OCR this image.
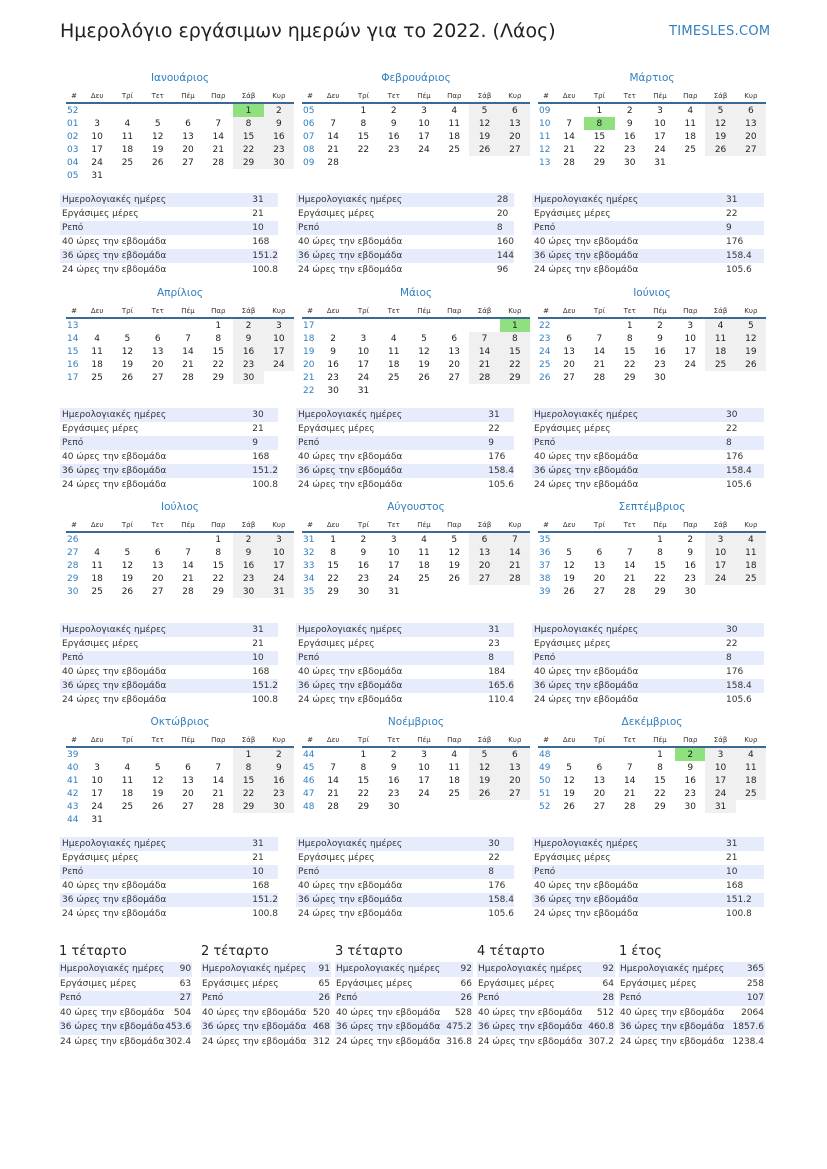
Ημερολόγιο εργάσιμων ημερών για το 2022. (Λάος)	TIMESLES.COM
Ιανουάριος
#	Δευ	Τρί	Τετ	Πέμ	Παρ	Σάβ	Κυρ
52						1	2
01	3	4	5	6	7	8	9
02	10	11	12	13	14	15	16
03	17	18	19	20	21	22	23
04	24	25	26	27	28	29	30
05	31						
Ημερολογιακές ημέρες	31
Εργάσιμες μέρες	21
Ρεπό	10
40 ώρες την εβδομάδα	168
36 ώρες την εβδομάδα	151.2
24 ώρες την εβδομάδα	100.8
Φεβρουάριος
#	Δευ	Τρί	Τετ	Πέμ	Παρ	Σάβ	Κυρ
05		1	2	3	4	5	6
06	7	8	9	10	11	12	13
07	14	15	16	17	18	19	20
08	21	22	23	24	25	26	27
09	28						
Ημερολογιακές ημέρες	28
Εργάσιμες μέρες	20
Ρεπό	8
40 ώρες την εβδομάδα	160
36 ώρες την εβδομάδα	144
24 ώρες την εβδομάδα	96
Μάρτιος
#	Δευ	Τρί	Τετ	Πέμ	Παρ	Σάβ	Κυρ
09		1	2	3	4	5	6
10	7	8	9	10	11	12	13
11	14	15	16	17	18	19	20
12	21	22	23	24	25	26	27
13	28	29	30	31			
Ημερολογιακές ημέρες	31
Εργάσιμες μέρες	22
Ρεπό	9
40 ώρες την εβδομάδα	176
36 ώρες την εβδομάδα	158.4
24 ώρες την εβδομάδα	105.6
Απρίλιος
#	Δευ	Τρί	Τετ	Πέμ	Παρ	Σάβ	Κυρ
13					1	2	3
14	4	5	6	7	8	9	10
15	11	12	13	14	15	16	17
16	18	19	20	21	22	23	24
17	25	26	27	28	29	30	
Ημερολογιακές ημέρες	30
Εργάσιμες μέρες	21
Ρεπό	9
40 ώρες την εβδομάδα	168
36 ώρες την εβδομάδα	151.2
24 ώρες την εβδομάδα	100.8
Μάιος
#	Δευ	Τρί	Τετ	Πέμ	Παρ	Σάβ	Κυρ
17							1
18	2	3	4	5	6	7	8
19	9	10	11	12	13	14	15
20	16	17	18	19	20	21	22
21	23	24	25	26	27	28	29
22	30	31					
Ημερολογιακές ημέρες	31
Εργάσιμες μέρες	22
Ρεπό	9
40 ώρες την εβδομάδα	176
36 ώρες την εβδομάδα	158.4
24 ώρες την εβδομάδα	105.6
Ιούνιος
#	Δευ	Τρί	Τετ	Πέμ	Παρ	Σάβ	Κυρ
22			1	2	3	4	5
23	6	7	8	9	10	11	12
24	13	14	15	16	17	18	19
25	20	21	22	23	24	25	26
26	27	28	29	30			
Ημερολογιακές ημέρες	30
Εργάσιμες μέρες	22
Ρεπό	8
40 ώρες την εβδομάδα	176
36 ώρες την εβδομάδα	158.4
24 ώρες την εβδομάδα	105.6
Ιούλιος
#	Δευ	Τρί	Τετ	Πέμ	Παρ	Σάβ	Κυρ
26					1	2	3
27	4	5	6	7	8	9	10
28	11	12	13	14	15	16	17
29	18	19	20	21	22	23	24
30	25	26	27	28	29	30	31
Ημερολογιακές ημέρες	31
Εργάσιμες μέρες	21
Ρεπό	10
40 ώρες την εβδομάδα	168
36 ώρες την εβδομάδα	151.2
24 ώρες την εβδομάδα	100.8
Αύγουστος
#	Δευ	Τρί	Τετ	Πέμ	Παρ	Σάβ	Κυρ
31	1	2	3	4	5	6	7
32	8	9	10	11	12	13	14
33	15	16	17	18	19	20	21
34	22	23	24	25	26	27	28
35	29	30	31				
Ημερολογιακές ημέρες	31
Εργάσιμες μέρες	23
Ρεπό	8
40 ώρες την εβδομάδα	184
36 ώρες την εβδομάδα	165.6
24 ώρες την εβδομάδα	110.4
Σεπτέμβριος
#	Δευ	Τρί	Τετ	Πέμ	Παρ	Σάβ	Κυρ
35				1	2	3	4
36	5	6	7	8	9	10	11
37	12	13	14	15	16	17	18
38	19	20	21	22	23	24	25
39	26	27	28	29	30		
Ημερολογιακές ημέρες	30
Εργάσιμες μέρες	22
Ρεπό	8
40 ώρες την εβδομάδα	176
36 ώρες την εβδομάδα	158.4
24 ώρες την εβδομάδα	105.6
Οκτώβριος
#	Δευ	Τρί	Τετ	Πέμ	Παρ	Σάβ	Κυρ
39						1	2
40	3	4	5	6	7	8	9
41	10	11	12	13	14	15	16
42	17	18	19	20	21	22	23
43	24	25	26	27	28	29	30
44	31						
Ημερολογιακές ημέρες	31
Εργάσιμες μέρες	21
Ρεπό	10
40 ώρες την εβδομάδα	168
36 ώρες την εβδομάδα	151.2
24 ώρες την εβδομάδα	100.8
Νοέμβριος
#	Δευ	Τρί	Τετ	Πέμ	Παρ	Σάβ	Κυρ
44		1	2	3	4	5	6
45	7	8	9	10	11	12	13
46	14	15	16	17	18	19	20
47	21	22	23	24	25	26	27
48	28	29	30				
Ημερολογιακές ημέρες	30
Εργάσιμες μέρες	22
Ρεπό	8
40 ώρες την εβδομάδα	176
36 ώρες την εβδομάδα	158.4
24 ώρες την εβδομάδα	105.6
Δεκέμβριος
#	Δευ	Τρί	Τετ	Πέμ	Παρ	Σάβ	Κυρ
48				1	2	3	4
49	5	6	7	8	9	10	11
50	12	13	14	15	16	17	18
51	19	20	21	22	23	24	25
52	26	27	28	29	30	31	
Ημερολογιακές ημέρες	31
Εργάσιμες μέρες	21
Ρεπό	10
40 ώρες την εβδομάδα	168
36 ώρες την εβδομάδα	151.2
24 ώρες την εβδομάδα	100.8
1 τέταρτο
Ημερολογιακές ημέρες	90
Εργάσιμες μέρες	63
Ρεπό	27
40 ώρες την εβδομάδα	504
36 ώρες την εβδομάδα	453.6
24 ώρες την εβδομάδα	302.4
2 τέταρτο
Ημερολογιακές ημέρες	91
Εργάσιμες μέρες	65
Ρεπό	26
40 ώρες την εβδομάδα	520
36 ώρες την εβδομάδα	468
24 ώρες την εβδομάδα	312
3 τέταρτο
Ημερολογιακές ημέρες	92
Εργάσιμες μέρες	66
Ρεπό	26
40 ώρες την εβδομάδα	528
36 ώρες την εβδομάδα	475.2
24 ώρες την εβδομάδα	316.8
4 τέταρτο
Ημερολογιακές ημέρες	92
Εργάσιμες μέρες	64
Ρεπό	28
40 ώρες την εβδομάδα	512
36 ώρες την εβδομάδα	460.8
24 ώρες την εβδομάδα	307.2
1 έτος
Ημερολογιακές ημέρες	365
Εργάσιμες μέρες	258
Ρεπό	107
40 ώρες την εβδομάδα	2064
36 ώρες την εβδομάδα	1857.6
24 ώρες την εβδομάδα	1238.4
